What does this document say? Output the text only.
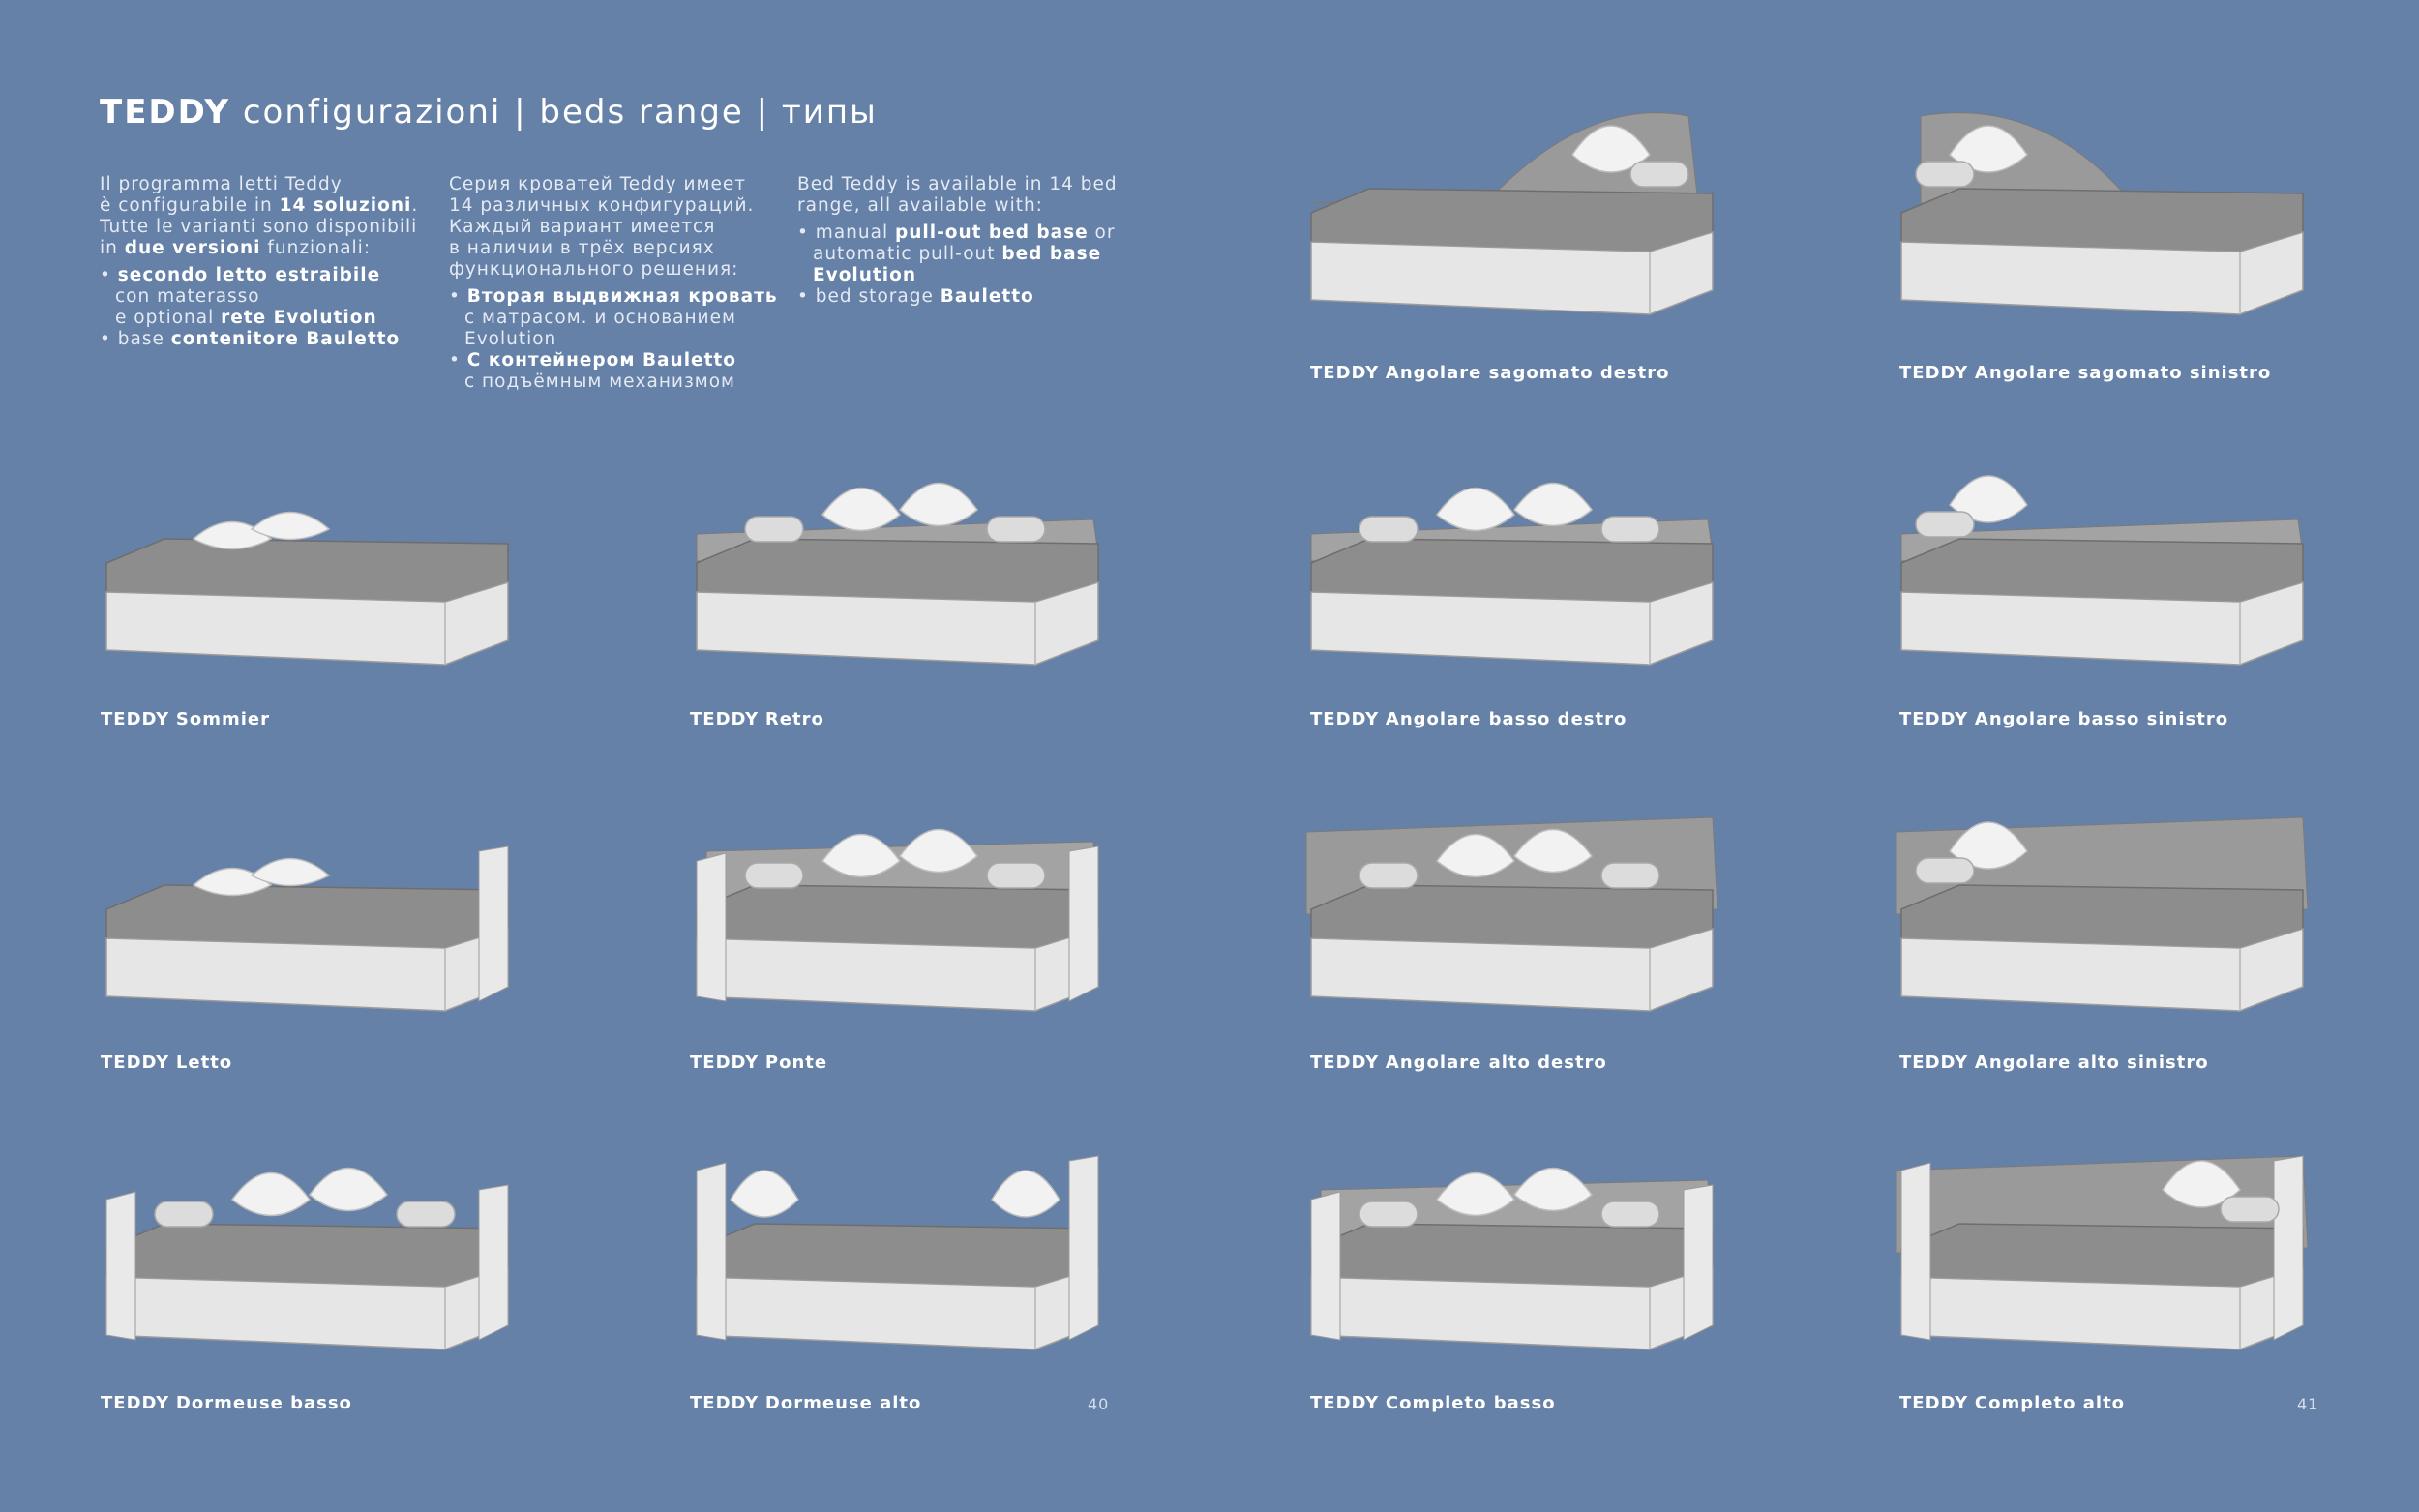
TEDDY configurazioni | beds range | типы

Il programma letti Teddy
è configurabile in 14 soluzioni.
Tutte le varianti sono disponibili
in due versioni funzionali:

• secondo letto estraibile
con materasso
e optional rete Evolution
• base contenitore Bauletto

Серия кроватей Teddy имеет
14 различных конфигураций.
Каждый вариант имеется
в наличии в трёх версиях
функционального решения:

• Вторая выдвижная кровать
с матрасом. и основанием
Evolution
• С контейнером Bauletto
с подъёмным механизмом

Bed Teddy is available in 14 bed
range, all available with:

• manual pull-out bed base or
automatic pull-out bed base
Evolution
• bed storage Bauletto
TEDDY Angolare sagomato destro	TEDDY Angolare sagomato sinistro
TEDDY Sommier	TEDDY Retro	TEDDY Angolare basso destro	TEDDY Angolare basso sinistro
TEDDY Letto	TEDDY Ponte	TEDDY Angolare alto destro	TEDDY Angolare alto sinistro
TEDDY Dormeuse basso	TEDDY Dormeuse alto	40	TEDDY Completo basso	TEDDY Completo alto	41
